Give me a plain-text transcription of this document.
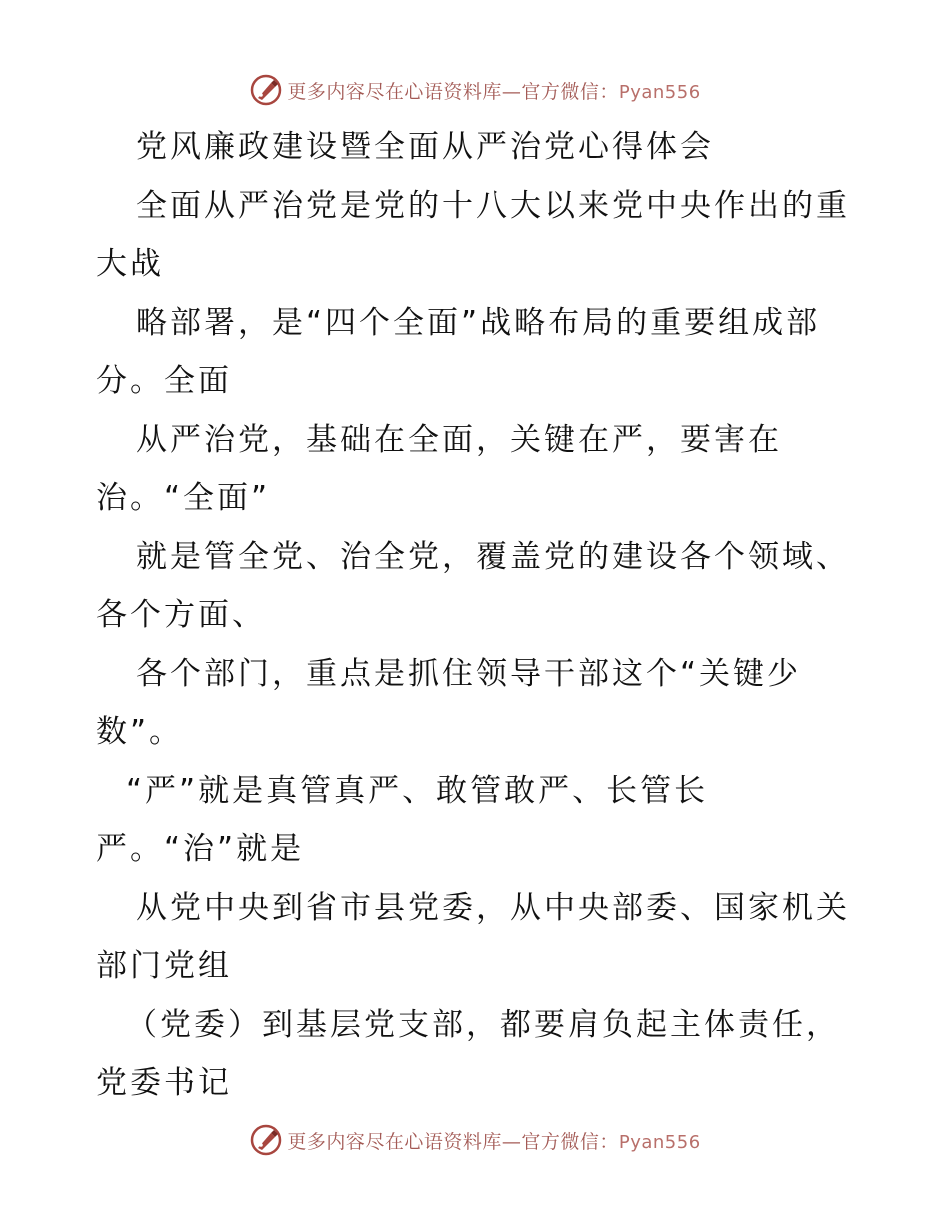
更多内容尽在心语资料库—官方微信：Pyan556
党风廉政建设暨全面从严治党心得体会
全面从严治党是党的十八大以来党中央作出的重
大战
略部署，是“四个全面”战略布局的重要组成部
分。全面
从严治党，基础在全面，关键在严，要害在
治。“全面”
就是管全党、治全党，覆盖党的建设各个领域、
各个方面、
各个部门，重点是抓住领导干部这个“关键少
数”。
“严”就是真管真严、敢管敢严、长管长
严。“治”就是
从党中央到省市县党委，从中央部委、国家机关
部门党组
（党委）到基层党支部，都要肩负起主体责任，
党委书记
更多内容尽在心语资料库—官方微信：Pyan556
